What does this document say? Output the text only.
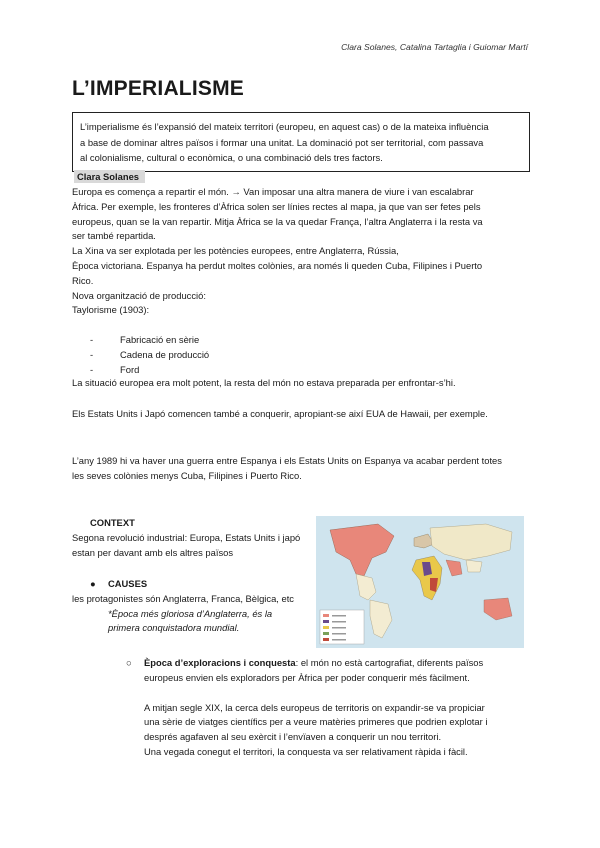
Clara Solanes, Catalina Tartaglia i Guiomar Martí
L’IMPERIALISME
L’imperialisme és l’expansió del mateix territori (europeu, en aquest cas) o de la mateixa influència
a base de dominar altres països i formar una unitat. La dominació pot ser territorial, com passava
al colonialisme, cultural o econòmica, o una combinació dels tres factors.
Clara Solanes
Europa es comença a repartir el món. → Van imposar una altra manera de viure i van escalabrar
Àfrica. Per exemple, les fronteres d’Àfrica solen ser línies rectes al mapa, ja que van ser fetes pels
europeus, quan se la van repartir. Mitja Àfrica se la va quedar França, l’altra Anglaterra i la resta va
ser també repartida.
La Xina va ser explotada per les potències europees, entre Anglaterra, Rússia,
Època victoriana. Espanya ha perdut moltes colònies, ara només li queden Cuba, Filipines i Puerto
Rico.
Nova organització de producció:
Taylorisme (1903):
-	Fabricació en sèrie
-	Cadena de producció
-	Ford
La situació europea era molt potent, la resta del món no estava preparada per enfrontar-s’hi.
Els Estats Units i Japó comencen també a conquerir, apropiant-se així EUA de Hawaii, per exemple.
L’any 1989 hi va haver una guerra entre Espanya i els Estats Units on Espanya va acabar perdent totes
les seves colònies menys Cuba, Filipines i Puerto Rico.
CONTEXT
Segona revolució industrial: Europa, Estats Units i japó
estan per davant amb els altres països
● CAUSES
les protagonistes són Anglaterra, Franca, Bèlgica, etc
*Època més gloriosa d’Anglaterra, és la
primera conquistadora mundial.
○ Època d’exploracions i conquesta: el món no està cartografiat, diferents països
europeus envien els exploradors per Àfrica per poder conquerir més fàcilment.
A mitjan segle XIX, la cerca dels europeus de territoris on expandir-se va propiciar
una sèrie de viatges científics per a veure matèries primeres que podrien explotar i
després agafaven al seu exèrcit i l’envïaven a conquerir un nou territori.
Una vegada conegut el territori, la conquesta va ser relativament ràpida i fàcil.
